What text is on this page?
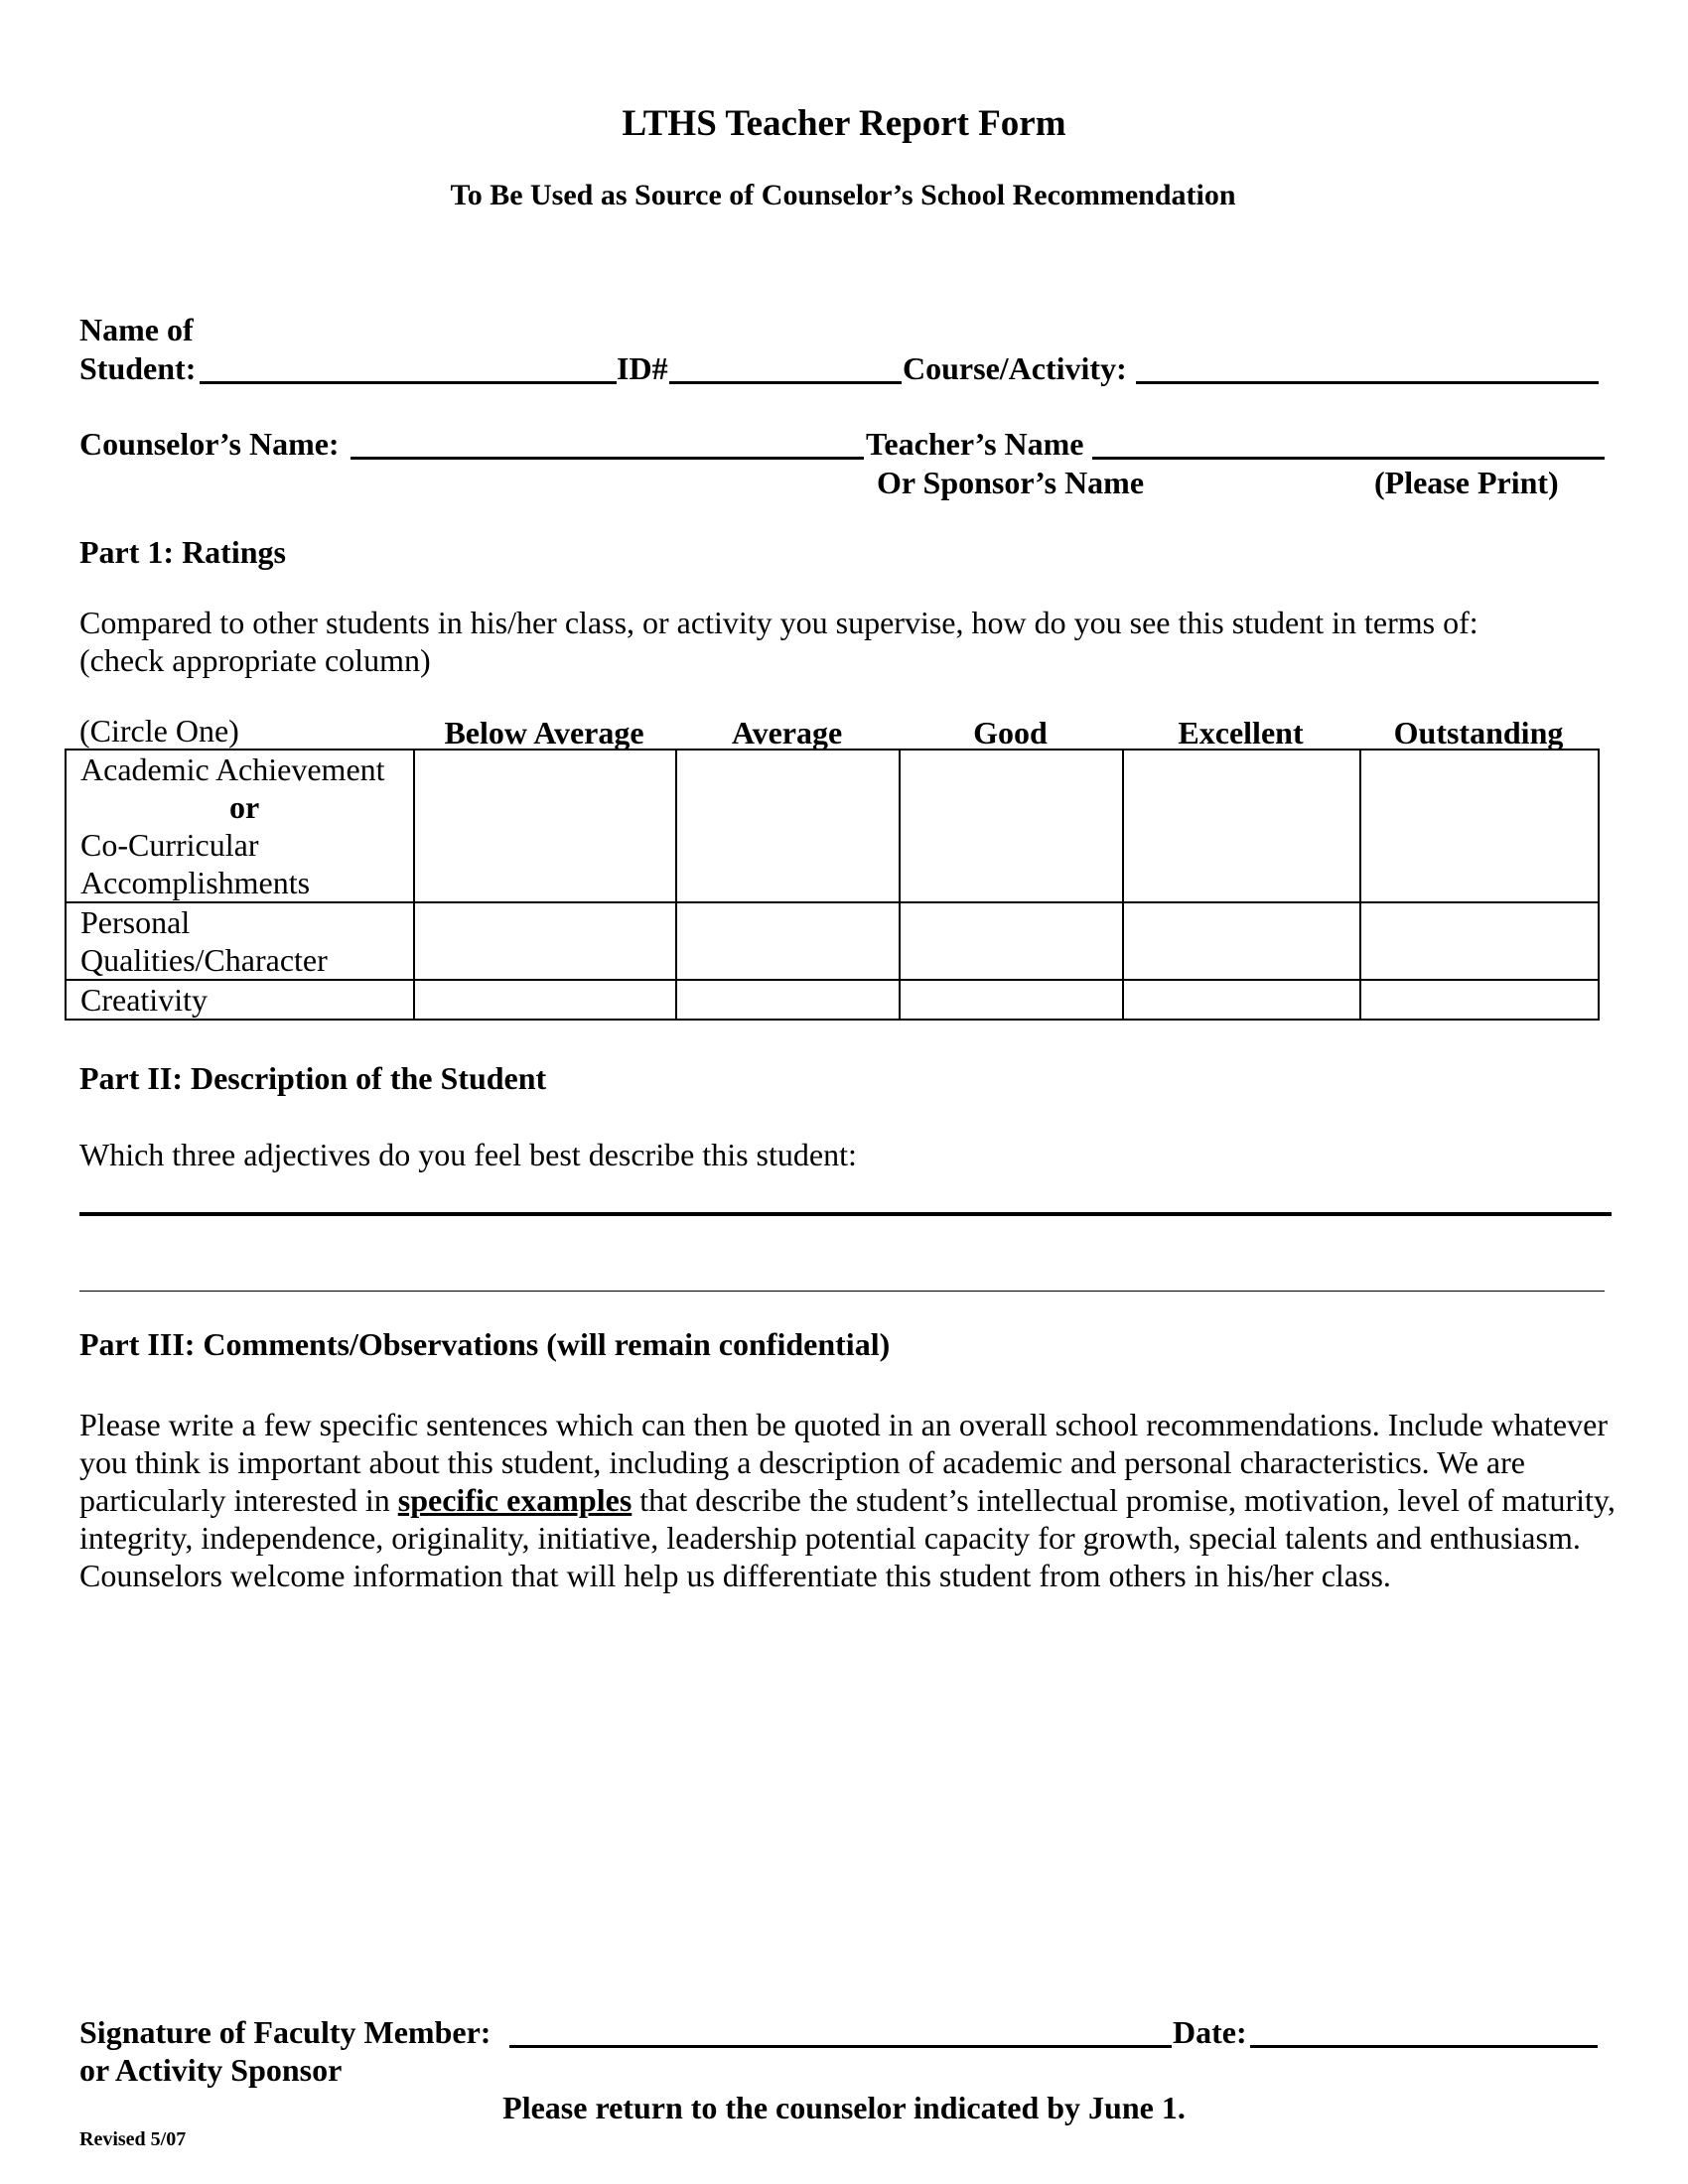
LTHS Teacher Report Form
To Be Used as Source of Counselor’s School Recommendation
Name of
Student:	ID#	Course/Activity:
Counselor’s Name:	Teacher’s Name
Or Sponsor’s Name	(Please Print)
Part 1: Ratings
Compared to other students in his/her class, or activity you supervise, how do you see this student in terms of:
(check appropriate column)
(Circle One)	Below Average	Average	Good	Excellent	Outstanding
Academic Achievement
or
Co-Curricular
Accomplishments					

Personal
Qualities/Character					

Creativity					

Part II: Description of the Student
Which three adjectives do you feel best describe this student:
Part III: Comments/Observations (will remain confidential)
Please write a few specific sentences which can then be quoted in an overall school recommendations. Include whatever you think is important about this student, including a description of academic and personal characteristics. We are particularly interested in specific examples that describe the student’s intellectual promise, motivation, level of maturity, integrity, independence, originality, initiative, leadership potential capacity for growth, special talents and enthusiasm. Counselors welcome information that will help us differentiate this student from others in his/her class.
Signature of Faculty Member:	Date:
or Activity Sponsor
Please return to the counselor indicated by June 1.
Revised 5/07
